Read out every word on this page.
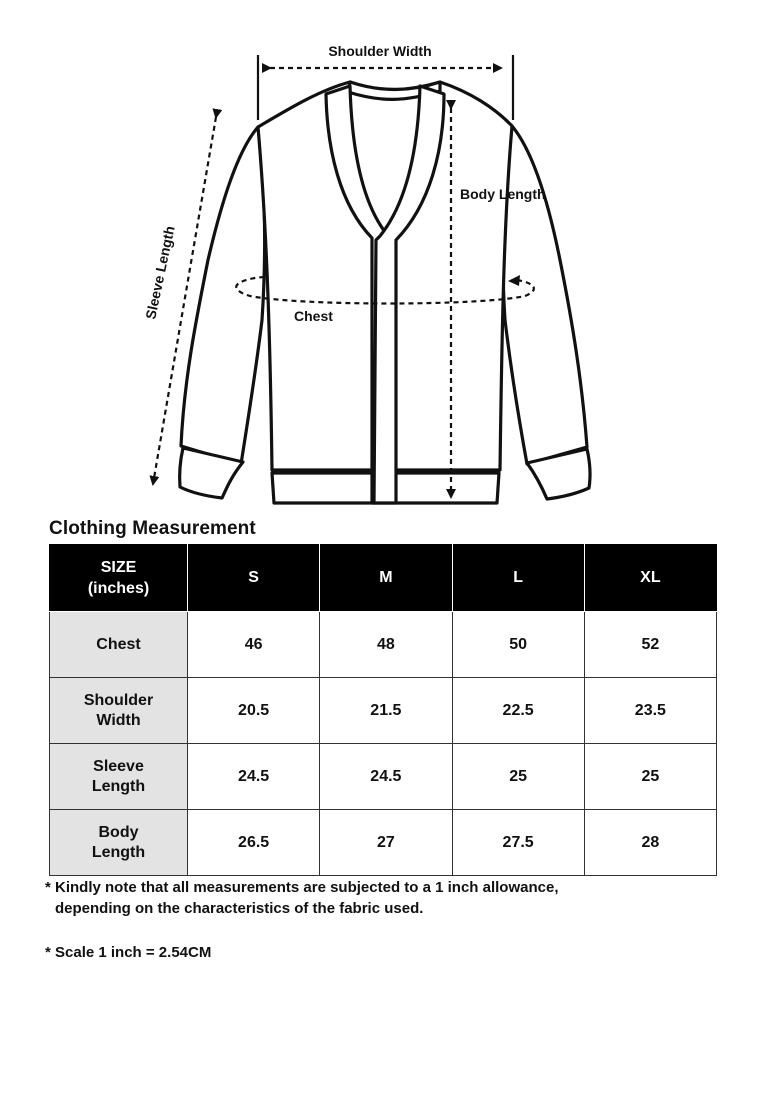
Shoulder Width
Body Length
Sleeve Length	Chest
Clothing Measurement
SIZE
(inches)	S	M	L	XL

Chest	46	48	50	52

Shoulder
Width	20.5	21.5	22.5	23.5

Sleeve
Length	24.5	24.5	25	25

Body
Length	26.5	27	27.5	28

* Kindly note that all measurements are subjected to a 1 inch allowance,

depending on the characteristics of the fabric used.

* Scale 1 inch = 2.54CM
